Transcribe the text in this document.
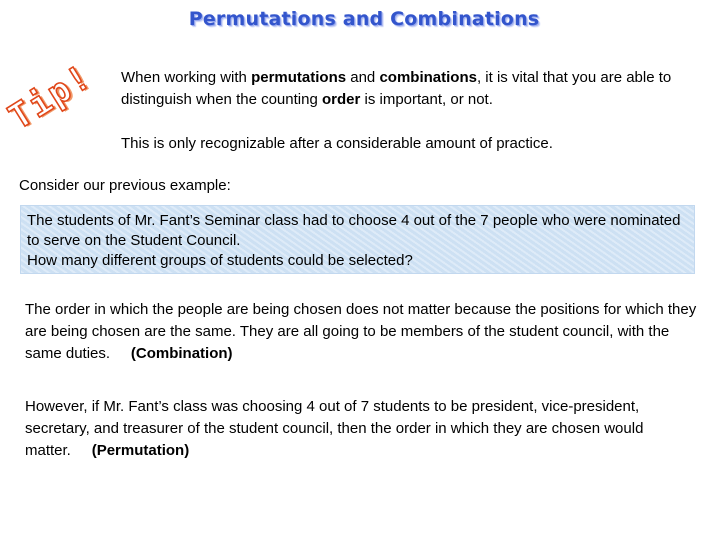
Permutations and Combinations
Tip! When working with permutations and combinations, it is vital that you are able to distinguish when the counting order is important, or not.
This is only recognizable after a considerable amount of practice.
Consider our previous example:
The students of Mr. Fant’s Seminar class had to choose 4 out of the 7 people who were nominated to serve on the Student Council.
How many different groups of students could be selected?
The order in which the people are being chosen does not matter because the positions for which they are being chosen are the same. They are all going to be members of the student council, with the same duties. (Combination)
However, if Mr. Fant’s class was choosing 4 out of 7 students to be president, vice-president, secretary, and treasurer of the student council, then the order in which they are chosen would matter. (Permutation)
